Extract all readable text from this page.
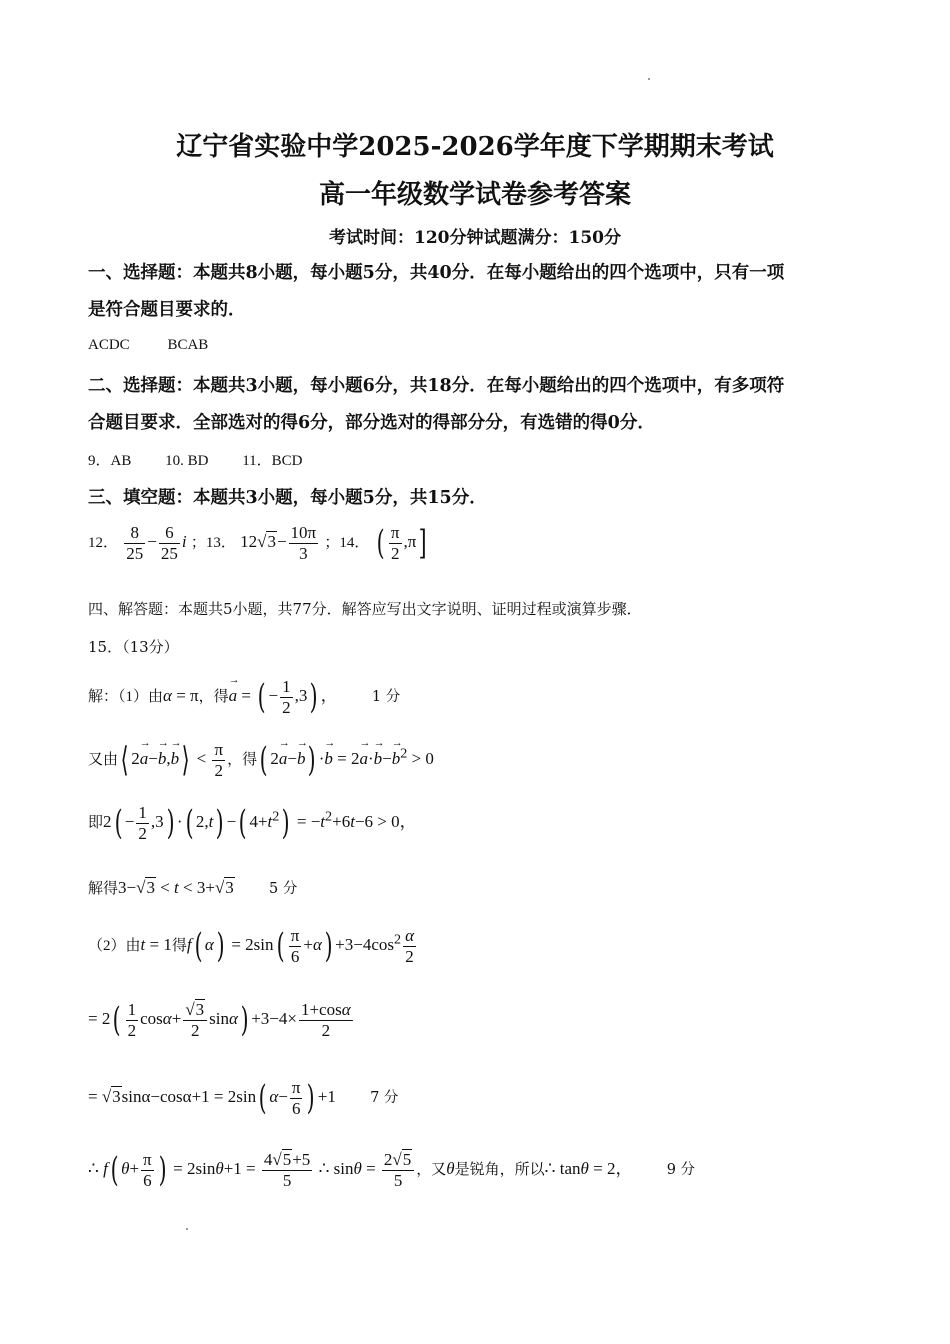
辽宁省实验中学2025-2026学年度下学期期末考试
高一年级数学试卷参考答案
考试时间：120分钟试题满分：150分
一、选择题：本题共8小题，每小题5分，共40分．在每小题给出的四个选项中，只有一项
是符合题目要求的．
ACDC	BCAB
二、选择题：本题共3小题，每小题6分，共18分．在每小题给出的四个选项中，有多项符
合题目要求．全部选对的得6分，部分选对的得部分分，有选错的得0分．
9．AB 10. BD 11．BCD
三、填空题：本题共3小题，每小题5分，共15分．
12． $\frac{8}{25} - \frac{6}{25}$ i ；13． $12√3- \frac{10\pi}{3}$ ；14． ( $\frac{\pi}{2} ,\pi$]
四、解答题：本题共5小题，共77分．解答应写出文字说明、证明过程或演算步骤．
15．（13分）
解：（1）由α = π，得→ a = ( − $\frac{1}{2} ,3$) ， 1 分
又由⟨ 2→ a−→ b,→ b⟩ < $\frac{\pi}{2}$ ，得( $2\to a-\to b) \cdot\to b = 2\to a\cdot\to b-\to b^2 > 0$
即$2( - \frac{1}{2} ,3)$ ·( 2,t) −( $4+t^2) = -t^2+6t-6 > 0$，
解得3−√3 < t < 3+√3 5 分
（2）由t = 1得f( $\alpha) = 2\sin( \frac{\pi}{6} +\alpha) +3-4\cos^2 \frac{\alpha}{2}$
= $2( \frac{1}{2} \cos\alpha+ \frac{√3}{2} \sin\alpha) +3-4\times \frac{1+\cos\alpha}{2}$
= √3sinα−cosα+1 = 2sin( $\alpha- \frac{\pi}{6}$ ) +1 7 分
∴ f( $\theta+ \frac{\pi}{6}$ ) = $2\sin\theta+1 = \frac{4√5+5}{5}$ ∴ $\sin\theta = \frac{2√5}{5}$ ，又θ是锐角，所以∴ tanθ = 2， 9 分
